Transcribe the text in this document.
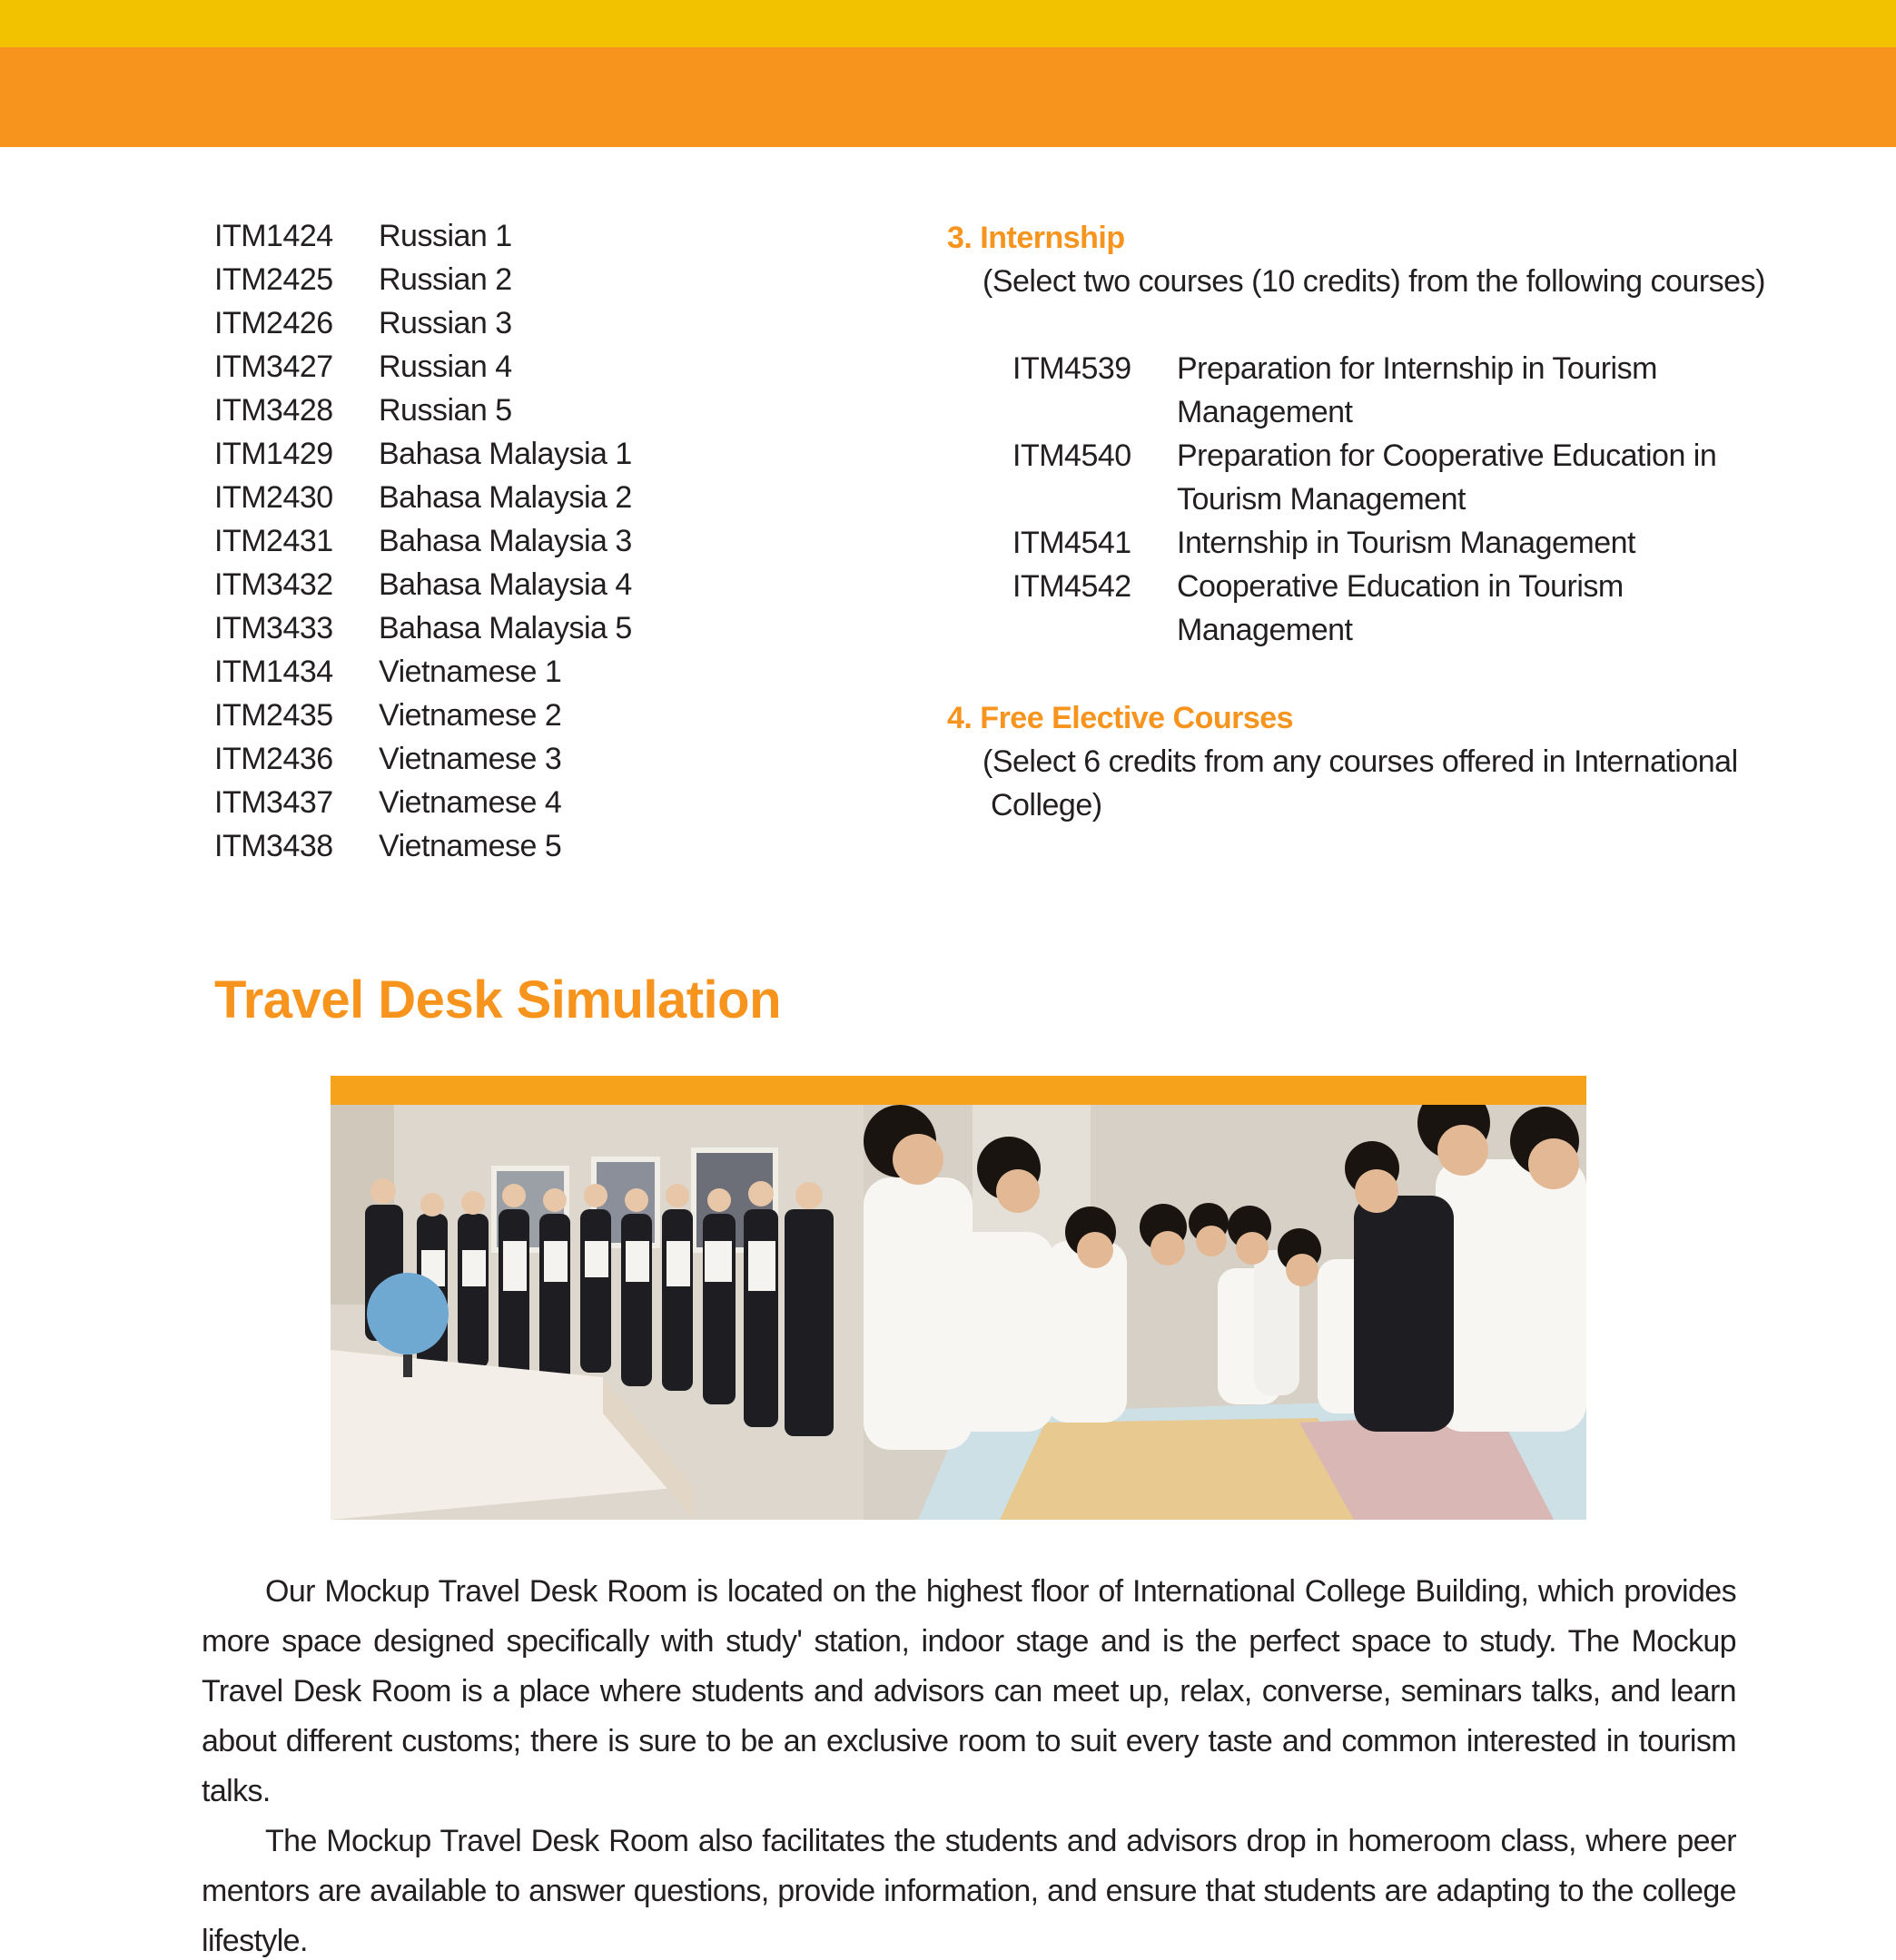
ITM1424	Russian 1
ITM2425	Russian 2
ITM2426	Russian 3
ITM3427	Russian 4
ITM3428	Russian 5
ITM1429	Bahasa Malaysia 1
ITM2430	Bahasa Malaysia 2
ITM2431	Bahasa Malaysia 3
ITM3432	Bahasa Malaysia 4
ITM3433	Bahasa Malaysia 5
ITM1434	Vietnamese 1
ITM2435	Vietnamese 2
ITM2436	Vietnamese 3
ITM3437	Vietnamese 4
ITM3438	Vietnamese 5
3. Internship
(Select two courses (10 credits) from the following courses)
ITM4539	Preparation for Internship in Tourism
Management
ITM4540	Preparation for Cooperative Education in
Tourism Management
ITM4541	Internship in Tourism Management
ITM4542	Cooperative Education in Tourism
Management
4. Free Elective Courses
(Select 6 credits from any courses offered in International
College)
Travel Desk Simulation

Our Mockup Travel Desk Room is located on the highest floor of International College Building, which provides more space designed specifically with study' station, indoor stage and is the perfect space to study. The Mockup Travel Desk Room is a place where students and advisors can meet up, relax, converse, seminars talks, and learn about different customs; there is sure to be an exclusive room to suit every taste and common interested in tourism talks.

The Mockup Travel Desk Room also facilitates the students and advisors drop in homeroom class, where peer mentors are available to answer questions, provide information, and ensure that students are adapting to the college lifestyle.
